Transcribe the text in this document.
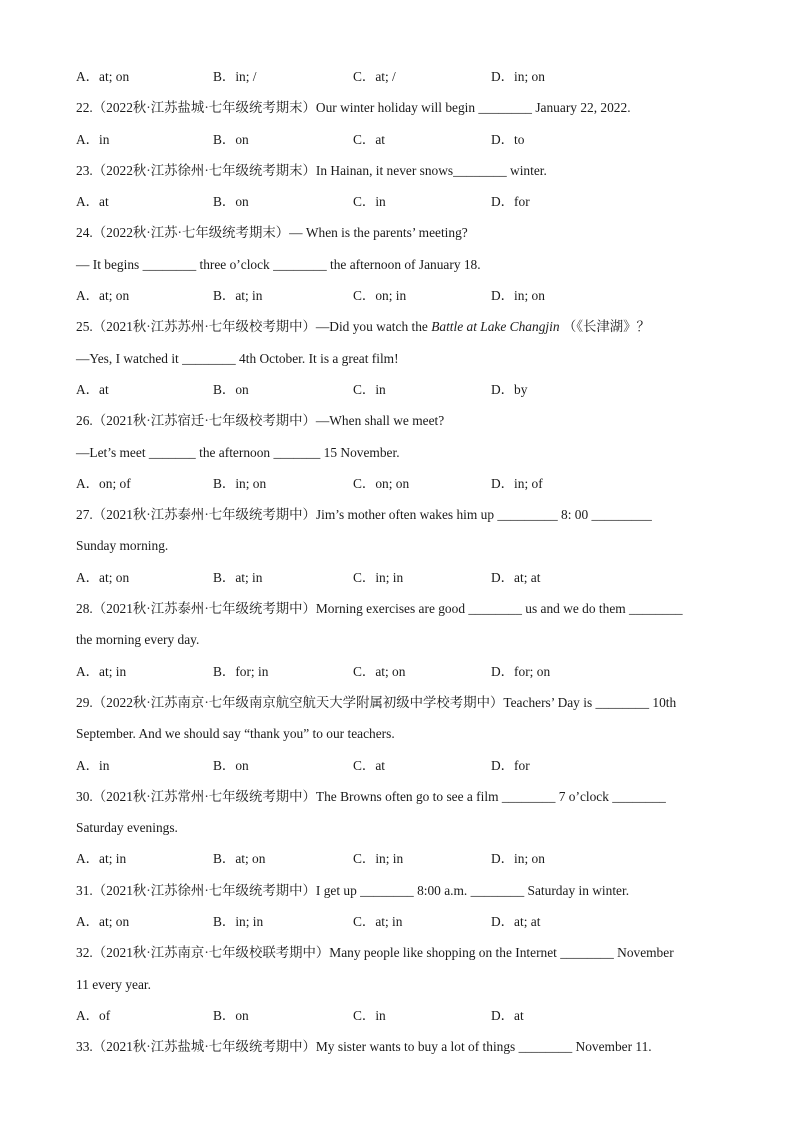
A．at; on	B．in; /	C．at; /	D．in; on
22.（2022秋·江苏盐城·七年级统考期末）Our winter holiday will begin ________ January 22, 2022.
A．in	B．on	C．at	D．to
23.（2022秋·江苏徐州·七年级统考期末）In Hainan, it never snows________ winter.
A．at	B．on	C．in	D．for
24.（2022秋·江苏·七年级统考期末）— When is the parents’ meeting?
— It begins ________ three o’clock ________ the afternoon of January 18.
A．at; on	B．at; in	C．on; in	D．in; on
25.（2021秋·江苏苏州·七年级校考期中）—Did you watch the Battle at Lake Changjin （《长津湖》？
—Yes, I watched it ________ 4th October. It is a great film!
A．at	B．on	C．in	D．by
26.（2021秋·江苏宿迁·七年级校考期中）—When shall we meet?
—Let’s meet _______ the afternoon _______ 15 November.
A．on; of	B．in; on	C．on; on	D．in; of
27.（2021秋·江苏泰州·七年级统考期中）Jim’s mother often wakes him up _________ 8: 00 _________
Sunday morning.
A．at; on	B．at; in	C．in; in	D．at; at
28.（2021秋·江苏泰州·七年级统考期中）Morning exercises are good ________ us and we do them ________
the morning every day.
A．at; in	B．for; in	C．at; on	D．for; on
29.（2022秋·江苏南京·七年级南京航空航天大学附属初级中学校考期中）Teachers’ Day is ________ 10th
September. And we should say “thank you” to our teachers.
A．in	B．on	C．at	D．for
30.（2021秋·江苏常州·七年级统考期中）The Browns often go to see a film ________ 7 o’clock ________
Saturday evenings.
A．at; in	B．at; on	C．in; in	D．in; on
31.（2021秋·江苏徐州·七年级统考期中）I get up ________ 8:00 a.m. ________ Saturday in winter.
A．at; on	B．in; in	C．at; in	D．at; at
32.（2021秋·江苏南京·七年级校联考期中）Many people like shopping on the Internet ________ November
11 every year.
A．of	B．on	C．in	D．at
33.（2021秋·江苏盐城·七年级统考期中）My sister wants to buy a lot of things ________ November 11.
